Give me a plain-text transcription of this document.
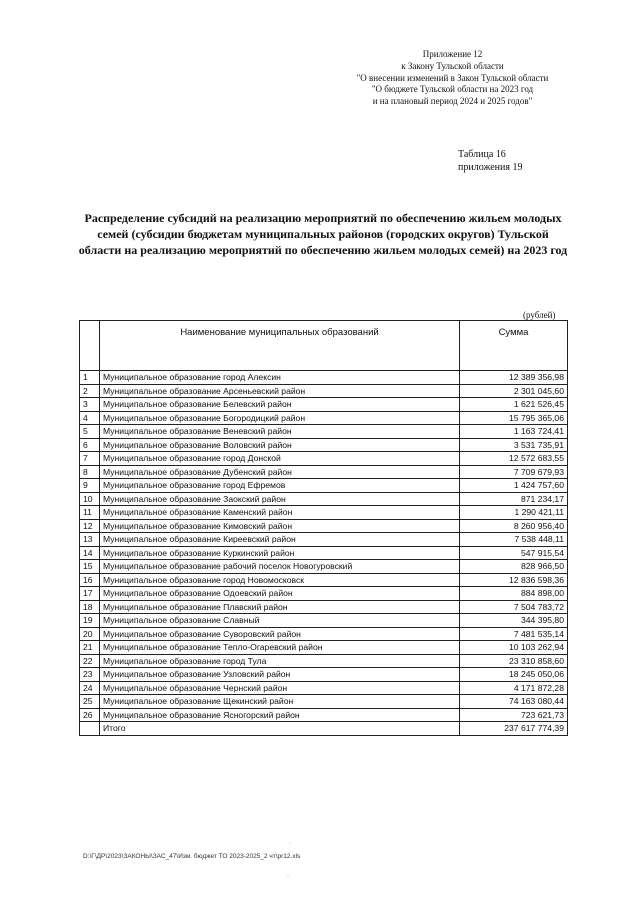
Приложение 12
к Закону Тульской области
"О внесении изменений в Закон Тульской области
"О бюджете Тульской области на 2023 год
и на плановый период 2024 и 2025 годов"
Таблица 16
приложения 19
Распределение субсидий на реализацию мероприятий по обеспечению жильем молодых семей (субсидии бюджетам муниципальных районов (городских округов) Тульской области на реализацию мероприятий по обеспечению жильем молодых семей) на 2023 год
(рублей)
	Наименование муниципальных образований	Сумма
1	Муниципальное образование город Алексин	12 389 356,98
2	Муниципальное образование Арсеньевский район	2 301 045,60
3	Муниципальное образование Белевский район	1 621 526,45
4	Муниципальное образование Богородицкий район	15 795 365,06
5	Муниципальное образование Веневский район	1 163 724,41
6	Муниципальное образование Воловский район	3 531 735,91
7	Муниципальное образование город Донской	12 572 683,55
8	Муниципальное образование Дубенский район	7 709 679,93
9	Муниципальное образование город Ефремов	1 424 757,60
10	Муниципальное образование Заокский район	871 234,17
11	Муниципальное образование Каменский район	1 290 421,11
12	Муниципальное образование Кимовский район	8 260 956,40
13	Муниципальное образование Киреевский район	7 538 448,11
14	Муниципальное образование Куркинский район	547 915,54
15	Муниципальное образование рабочий поселок Новогуровский	828 966,50
16	Муниципальное образование город Новомосковск	12 836 598,36
17	Муниципальное образование Одоевский район	884 898,00
18	Муниципальное образование Плавский район	7 504 783,72
19	Муниципальное образование Славный	344 395,80
20	Муниципальное образование Суворовский район	7 481 535,14
21	Муниципальное образование Тепло-Огаревский район	10 103 262,94
22	Муниципальное образование город Тула	23 310 858,60
23	Муниципальное образование Узловский район	18 245 050,06
24	Муниципальное образование Чернский район	4 171 872,28
25	Муниципальное образование Щекинский район	74 163 080,44
26	Муниципальное образование Ясногорский район	723 621,73
	Итого	237 617 774,39
D:\Г\ДР\2023\ЗАКОНЫ\ЗАС_47\Изм. бюджет ТО 2023-2025_2 чт\pr12.xls
·
·
